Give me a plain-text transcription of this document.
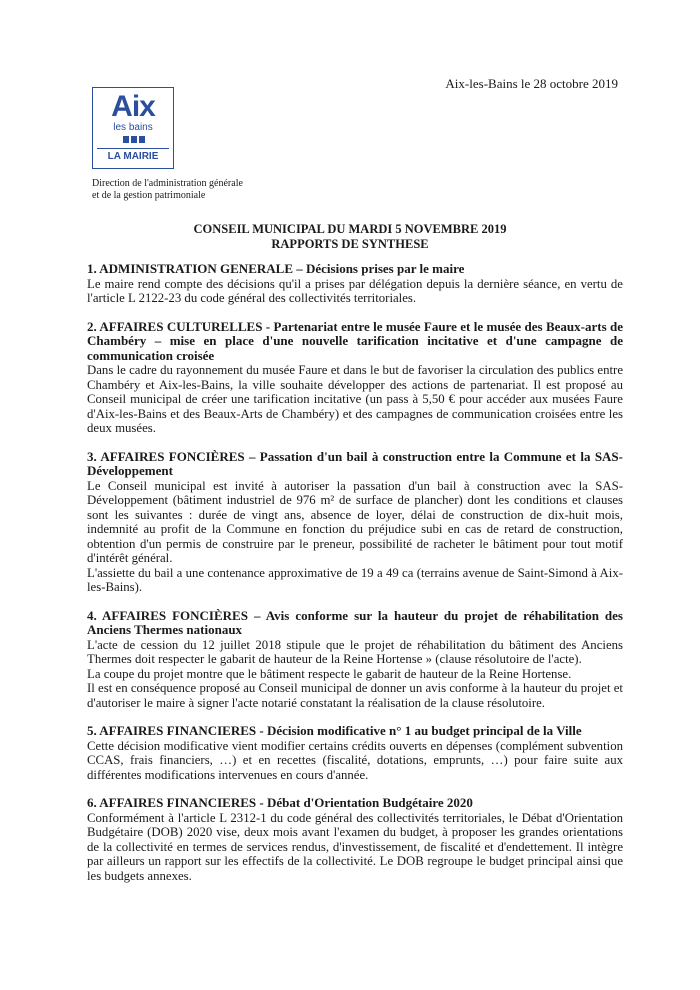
Aix-les-Bains le 28 octobre 2019
Aix
les bains
LA MAIRIE
Direction de l'administration générale
et de la gestion patrimoniale
CONSEIL MUNICIPAL DU MARDI 5 NOVEMBRE 2019
RAPPORTS DE SYNTHESE

1. ADMINISTRATION GENERALE – Décisions prises par le maire

Le maire rend compte des décisions qu'il a prises par délégation depuis la dernière séance, en vertu de l'article L 2122-23 du code général des collectivités territoriales.

2. AFFAIRES CULTURELLES - Partenariat entre le musée Faure et le musée des Beaux-arts de Chambéry – mise en place d'une nouvelle tarification incitative et d'une campagne de communication croisée

Dans le cadre du rayonnement du musée Faure et dans le but de favoriser la circulation des publics entre Chambéry et Aix-les-Bains, la ville souhaite développer des actions de partenariat. Il est proposé au Conseil municipal de créer une tarification incitative (un pass à 5,50 € pour accéder aux musées Faure d'Aix-les-Bains et des Beaux-Arts de Chambéry) et des campagnes de communication croisées entre les deux musées.

3. AFFAIRES FONCIÈRES – Passation d'un bail à construction entre la Commune et la SAS-Développement

Le Conseil municipal est invité à autoriser la passation d'un bail à construction avec la SAS-Développement (bâtiment industriel de 976 m² de surface de plancher) dont les conditions et clauses sont les suivantes : durée de vingt ans, absence de loyer, délai de construction de dix-huit mois, indemnité au profit de la Commune en fonction du préjudice subi en cas de retard de construction, obtention d'un permis de construire par le preneur, possibilité de racheter le bâtiment pour tout motif d'intérêt général.

L'assiette du bail a une contenance approximative de 19 a 49 ca (terrains avenue de Saint-Simond à Aix-les-Bains).

4. AFFAIRES FONCIÈRES – Avis conforme sur la hauteur du projet de réhabilitation des Anciens Thermes nationaux

L'acte de cession du 12 juillet 2018 stipule que le projet de réhabilitation du bâtiment des Anciens Thermes doit respecter le gabarit de hauteur de la Reine Hortense » (clause résolutoire de l'acte).

La coupe du projet montre que le bâtiment respecte le gabarit de hauteur de la Reine Hortense.

Il est en conséquence proposé au Conseil municipal de donner un avis conforme à la hauteur du projet et d'autoriser le maire à signer l'acte notarié constatant la réalisation de la clause résolutoire.

5. AFFAIRES FINANCIERES - Décision modificative n° 1 au budget principal de la Ville

Cette décision modificative vient modifier certains crédits ouverts en dépenses (complément subvention CCAS, frais financiers, …) et en recettes (fiscalité, dotations, emprunts, …) pour faire suite aux différentes modifications intervenues en cours d'année.

6. AFFAIRES FINANCIERES - Débat d'Orientation Budgétaire 2020

Conformément à l'article L 2312-1 du code général des collectivités territoriales, le Débat d'Orientation Budgétaire (DOB) 2020 vise, deux mois avant l'examen du budget, à proposer les grandes orientations de la collectivité en termes de services rendus, d'investissement, de fiscalité et d'endettement. Il intègre par ailleurs un rapport sur les effectifs de la collectivité. Le DOB regroupe le budget principal ainsi que les budgets annexes.
